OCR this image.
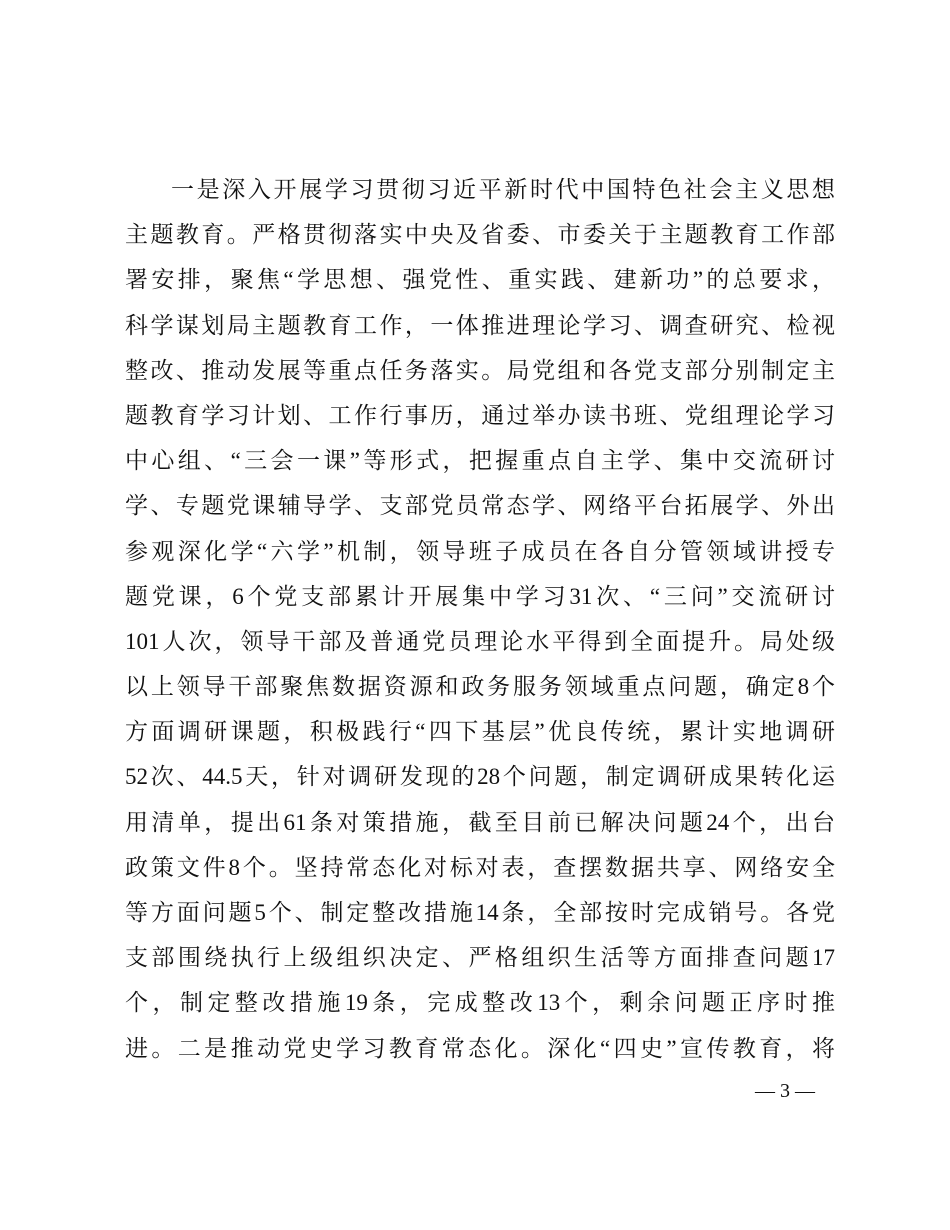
一是深入开展学习贯彻习近平新时代中国特色社会主义思想
主题教育。严格贯彻落实中央及省委、市委关于主题教育工作部
署安排，聚焦“学思想、强党性、重实践、建新功”的总要求，
科学谋划局主题教育工作，一体推进理论学习、调查研究、检视
整改、推动发展等重点任务落实。局党组和各党支部分别制定主
题教育学习计划、工作行事历，通过举办读书班、党组理论学习
中心组、“三会一课”等形式，把握重点自主学、集中交流研讨
学、专题党课辅导学、支部党员常态学、网络平台拓展学、外出
参观深化学“六学”机制，领导班子成员在各自分管领域讲授专
题党课，6个党支部累计开展集中学习31次、“三问”交流研讨
101人次，领导干部及普通党员理论水平得到全面提升。局处级
以上领导干部聚焦数据资源和政务服务领域重点问题，确定8个
方面调研课题，积极践行“四下基层”优良传统，累计实地调研
52次、44.5天，针对调研发现的28个问题，制定调研成果转化运
用清单，提出61条对策措施，截至目前已解决问题24个，出台
政策文件8个。坚持常态化对标对表，查摆数据共享、网络安全
等方面问题5个、制定整改措施14条，全部按时完成销号。各党
支部围绕执行上级组织决定、严格组织生活等方面排查问题17
个，制定整改措施19条，完成整改13个，剩余问题正序时推
进。二是推动党史学习教育常态化。深化“四史”宣传教育，将
— 3 —
